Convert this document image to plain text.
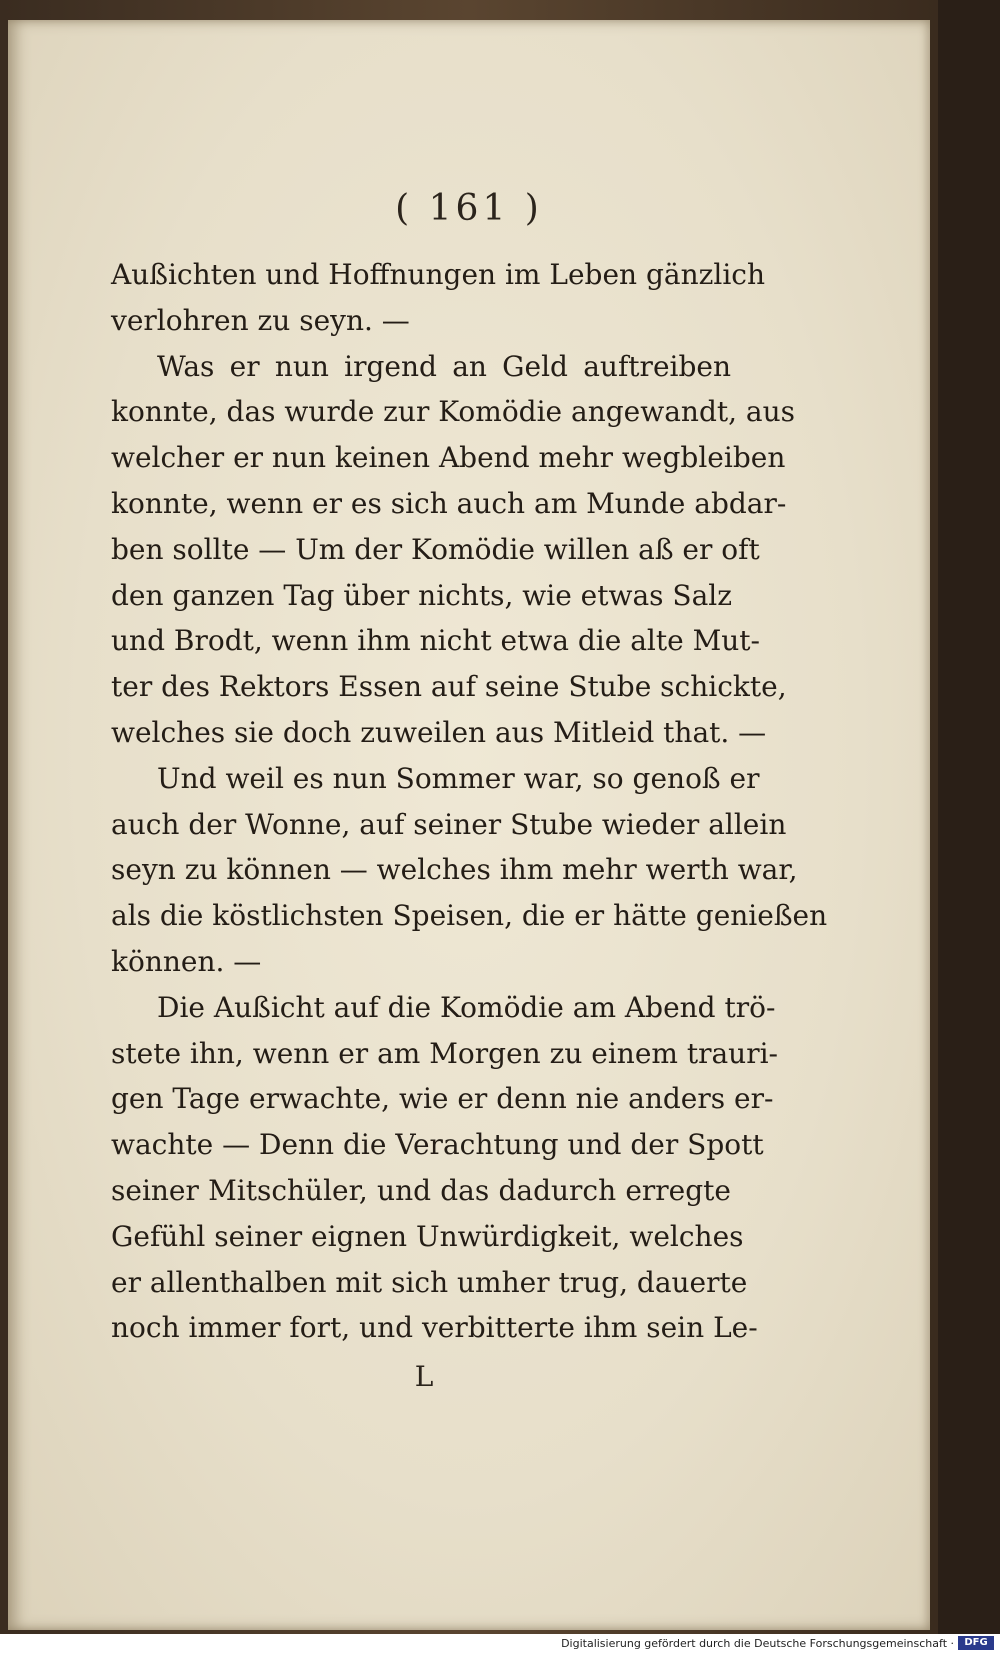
( 161 )
Außichten und Hoffnungen im Leben gänzlich
verlohren zu seyn. —
Was er nun irgend an Geld auftreiben
konnte, das wurde zur Komödie angewandt, aus
welcher er nun keinen Abend mehr wegbleiben
konnte, wenn er es sich auch am Munde abdar-
ben sollte — Um der Komödie willen aß er oft
den ganzen Tag über nichts, wie etwas Salz
und Brodt, wenn ihm nicht etwa die alte Mut-
ter des Rektors Essen auf seine Stube schickte,
welches sie doch zuweilen aus Mitleid that. —
Und weil es nun Sommer war, so genoß er
auch der Wonne, auf seiner Stube wieder allein
seyn zu können — welches ihm mehr werth war,
als die köstlichsten Speisen, die er hätte genießen
können. —
Die Außicht auf die Komödie am Abend trö-
stete ihn, wenn er am Morgen zu einem trauri-
gen Tage erwachte, wie er denn nie anders er-
wachte — Denn die Verachtung und der Spott
seiner Mitschüler, und das dadurch erregte
Gefühl seiner eignen Unwürdigkeit, welches
er allenthalben mit sich umher trug, dauerte
noch immer fort, und verbitterte ihm sein Le-
L
Digitalisierung gefördert durch die Deutsche Forschungsgemeinschaft ·	DFG
